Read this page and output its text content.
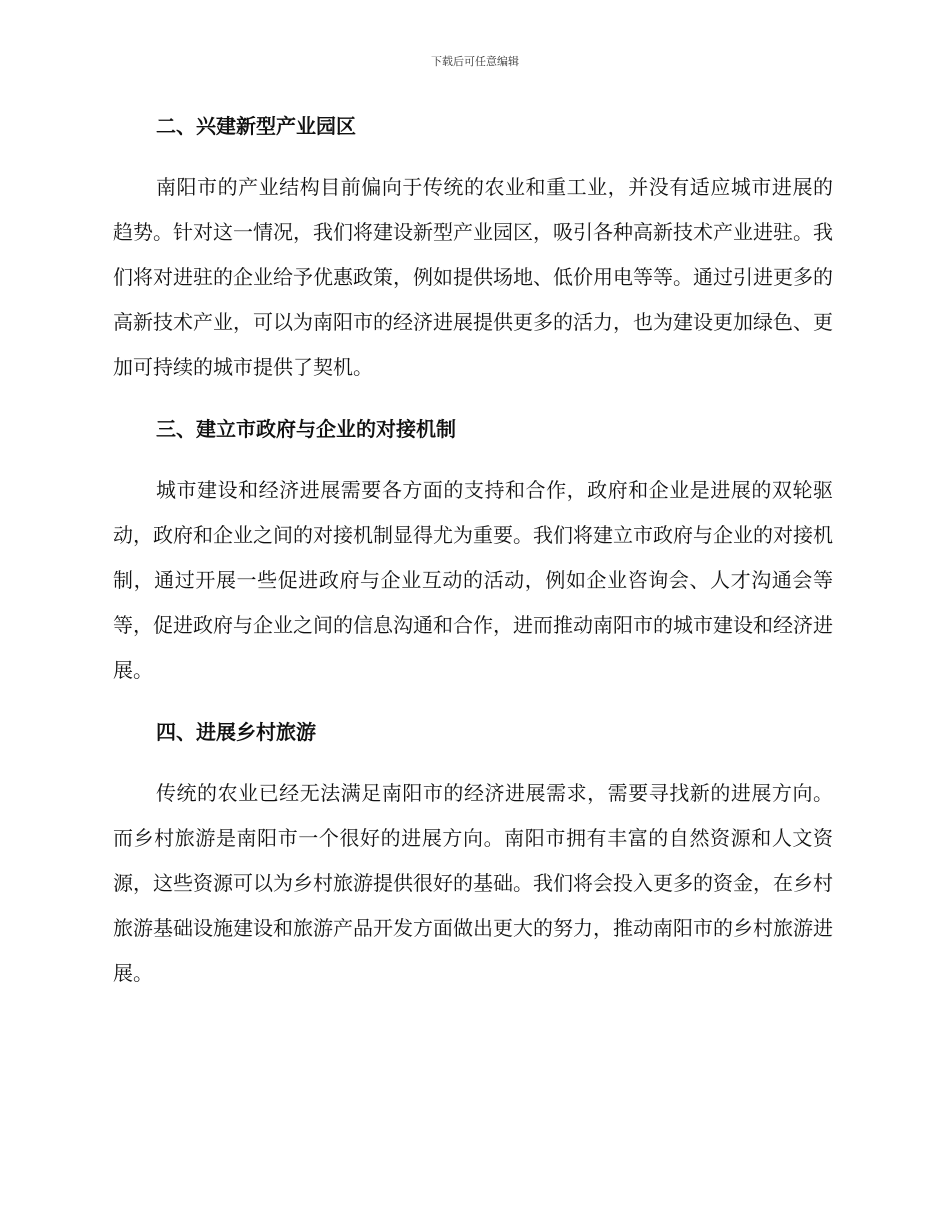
下载后可任意编辑
二、兴建新型产业园区

南阳市的产业结构目前偏向于传统的农业和重工业，并没有适应城市进展的趋势。针对这一情况，我们将建设新型产业园区，吸引各种高新技术产业进驻。我们将对进驻的企业给予优惠政策，例如提供场地、低价用电等等。通过引进更多的高新技术产业，可以为南阳市的经济进展提供更多的活力，也为建设更加绿色、更加可持续的城市提供了契机。

三、建立市政府与企业的对接机制

城市建设和经济进展需要各方面的支持和合作，政府和企业是进展的双轮驱动，政府和企业之间的对接机制显得尤为重要。我们将建立市政府与企业的对接机制，通过开展一些促进政府与企业互动的活动，例如企业咨询会、人才沟通会等等，促进政府与企业之间的信息沟通和合作，进而推动南阳市的城市建设和经济进展。

四、进展乡村旅游

传统的农业已经无法满足南阳市的经济进展需求，需要寻找新的进展方向。而乡村旅游是南阳市一个很好的进展方向。南阳市拥有丰富的自然资源和人文资源，这些资源可以为乡村旅游提供很好的基础。我们将会投入更多的资金，在乡村旅游基础设施建设和旅游产品开发方面做出更大的努力，推动南阳市的乡村旅游进展。
